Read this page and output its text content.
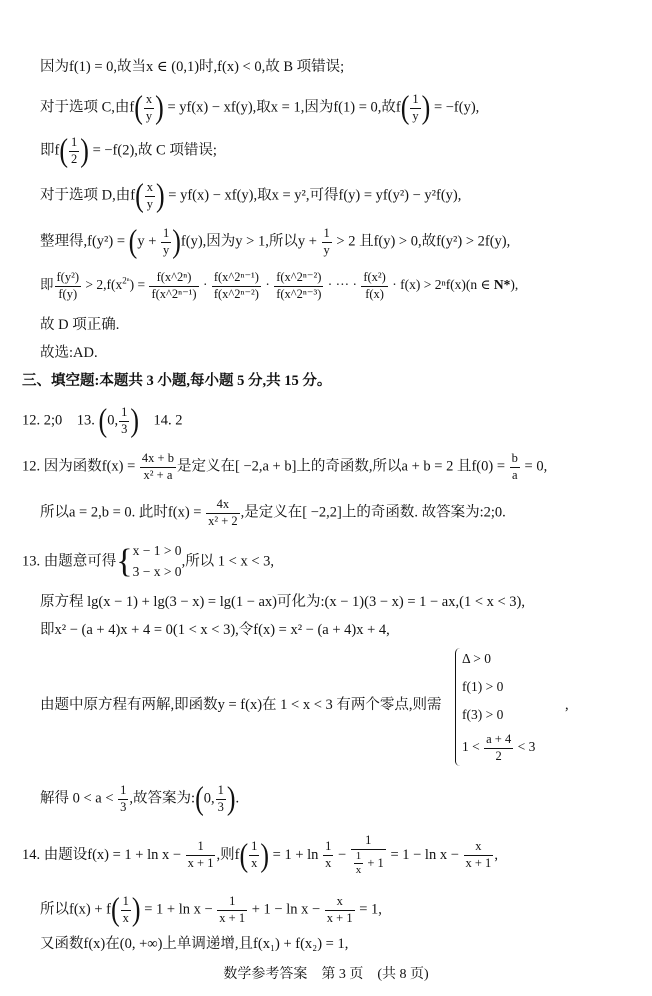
因为f(1) = 0,故当x ∈ (0,1)时,f(x) < 0,故 B 项错误;
对于选项 C,由$f( \frac{x}{y}$ ) = yf(x) − xf(y),取x = 1,因为f(1) = 0,故$f( \frac{1}{y}$ ) = −f(y),
即$f( \frac{1}{2}$ ) = −f(2),故 C 项错误;
对于选项 D,由$f( \frac{x}{y}$ ) = yf(x) − xf(y),取x = y²,可得f(y) = yf(y²) − y²f(y),
整理得$,f(y^2) = (y + \frac{1}{y} )f(y)$,因为y > 1,所以$y + \frac{1}{y} > 2$ 且f(y) > 0,故f(y²) > 2f(y),
即 $\frac{\text{f(y²)}}{f(y)} > 2,f(x^{2^n}) = \frac{\text{f(x\textasciicircum{}2ⁿ)}}{\text{f(x\textasciicircum{}2ⁿ⁻¹)}} \cdot \frac{\text{f(x\textasciicircum{}2ⁿ⁻¹)}}{\text{f(x\textasciicircum{}2ⁿ⁻²)}} \cdot \frac{\text{f(x\textasciicircum{}2ⁿ⁻²)}}{\text{f(x\textasciicircum{}2ⁿ⁻³)}}$ · ··· · $\frac{\text{f(x²)}}{f(x)} \cdot f(x) > 2^nf(x)(n$ ∈ N*),
故 D 项正确.
故选:AD.
三、填空题:本题共 3 小题,每小题 5 分,共 15 分。
12. 2;0　13. (0, $\frac{1}{3}$ )　14. 2
12. 因为函数$f(x) = \frac{4x + b}{\text{x² + a}}$ 是定义在[ −2,a + b]上的奇函数,所以a + b = 2 且$f(0) = \frac{b}{a} = 0$,
所以a = 2,b = 0. 此时$f(x) = \frac{4x}{\text{x² + 2}}$ ,是定义在[ −2,2]上的奇函数. 故答案为:2;0.
13. 由题意可得{ x − 1 > 0
3 − x > 0
,所以 1 < x < 3,
原方程 lg(x − 1) + lg(3 − x) = lg(1 − ax)可化为:(x − 1)(3 − x) = 1 − ax,(1 < x < 3),
即x² − (a + 4)x + 4 = 0(1 < x < 3),令f(x) = x² − (a + 4)x + 4,
由题中原方程有两解,即函数y = f(x)在 1 < x < 3 有两个零点,则需
Δ > 0
f(1) > 0
f(3) > 0
$1 < \frac{a + 4}{2} < 3$
,
解得 $0 < a < \frac{1}{3}$ ,故答案为:(0, $\frac{1}{3}$ ).
14. 由题设$f(x) = 1 + \ln x - \frac{1}{x + 1}$ ,则$f( \frac{1}{x}$ ) = $1 + \ln \frac{1}{x} - \frac{1}{\frac{1}{x} + 1} = 1 - \ln x - \frac{x}{x + 1}$ ,
所以$f(x) + f( \frac{1}{x}$ ) = $1 + \ln x - \frac{1}{x + 1} + 1 - \ln x - \frac{x}{x + 1} = 1$,
又函数f(x)在(0, +∞)上单调递增,且f(x₁) + f(x₂) = 1,
数学参考答案　第 3 页　(共 8 页)
